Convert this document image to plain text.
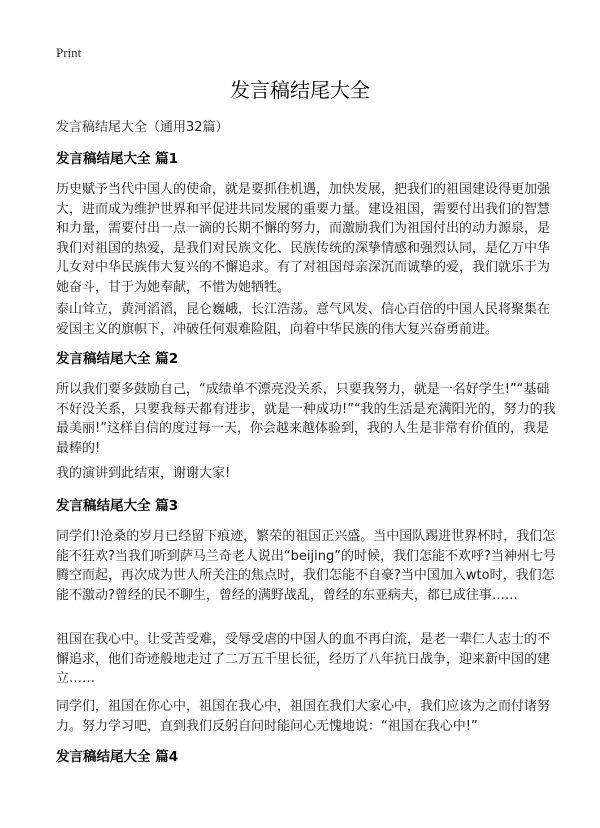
Print
发言稿结尾大全
发言稿结尾大全（通用32篇）
发言稿结尾大全 篇1

历史赋予当代中国人的使命，就是要抓住机遇，加快发展，把我们的祖国建设得更加强大，进而成为维护世界和平促进共同发展的重要力量。建设祖国，需要付出我们的智慧和力量，需要付出一点一滴的长期不懈的努力，而激励我们为祖国付出的动力源泉，是我们对祖国的热爱，是我们对民族文化、民族传统的深挚情感和强烈认同，是亿万中华儿女对中华民族伟大复兴的不懈追求。有了对祖国母亲深沉而诚挚的爱，我们就乐于为她奋斗，甘于为她奉献，不惜为她牺牲。

泰山耸立，黄河滔滔，昆仑巍峨，长江浩荡。意气风发、信心百倍的中国人民将聚集在爱国主义的旗帜下，冲破任何艰难险阻，向着中华民族的伟大复兴奋勇前进。

发言稿结尾大全 篇2

所以我们要多鼓励自己，“成绩单不漂亮没关系，只要我努力，就是一名好学生!”“基础不好没关系，只要我每天都有进步，就是一种成功!”“我的生活是充满阳光的，努力的我最美丽!”这样自信的度过每一天，你会越来越体验到，我的人生是非常有价值的，我是最棒的!

我的演讲到此结束，谢谢大家!

发言稿结尾大全 篇3

同学们!沧桑的岁月已经留下痕迹，繁荣的祖国正兴盛。当中国队踢进世界杯时，我们怎能不狂欢?当我们听到萨马兰奇老人说出“beijing”的时候，我们怎能不欢呼?当神州七号腾空而起，再次成为世人所关注的焦点时，我们怎能不自豪?当中国加入wto时，我们怎能不激动?曾经的民不聊生，曾经的满野战乱，曾经的东亚病夫，都已成往事……

祖国在我心中。让受苦受难，受辱受虐的中国人的血不再白流，是老一辈仁人志士的不懈追求，他们奇迹般地走过了二万五千里长征，经历了八年抗日战争，迎来新中国的建立……

同学们，祖国在你心中，祖国在我心中，祖国在我们大家心中，我们应该为之而付诸努力。努力学习吧，直到我们反躬自问时能问心无愧地说：“祖国在我心中!”

发言稿结尾大全 篇4
